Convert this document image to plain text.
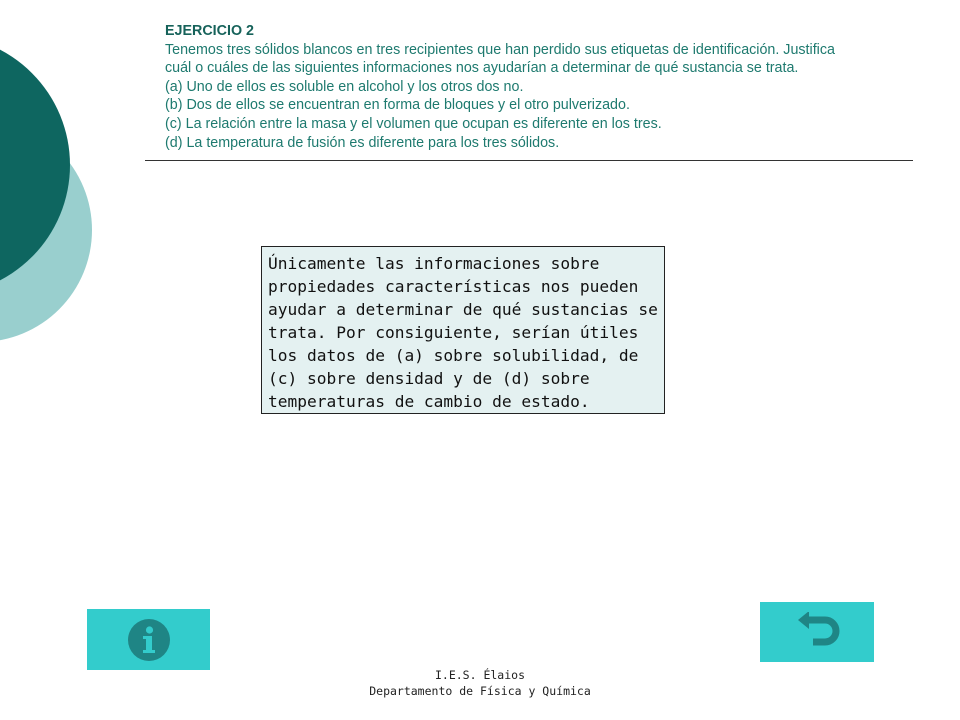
EJERCICIO 2

Tenemos tres sólidos blancos en tres recipientes que han perdido sus etiquetas de identificación. Justifica

cuál o cuáles de las siguientes informaciones nos ayudarían a determinar de qué sustancia se trata.

(a) Uno de ellos es soluble en alcohol y los otros dos no.

(b) Dos de ellos se encuentran en forma de bloques y el otro pulverizado.

(c) La relación entre la masa y el volumen que ocupan es diferente en los tres.

(d) La temperatura de fusión es diferente para los tres sólidos.

Únicamente las informaciones sobre propiedades características nos pueden ayudar a determinar de qué sustancias se trata. Por consiguiente, serían útiles los datos de (a) sobre solubilidad, de (c) sobre densidad y de (d) sobre temperaturas de cambio de estado.
I.E.S. Élaios
Departamento de Física y Química
